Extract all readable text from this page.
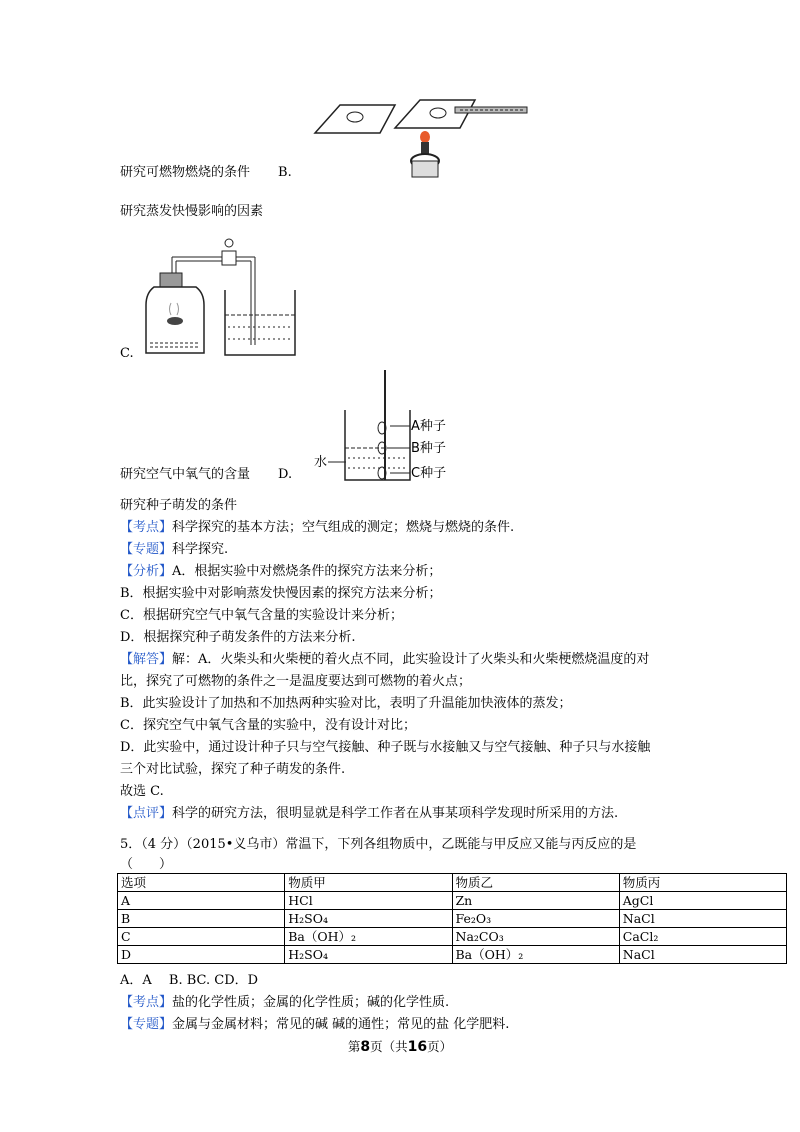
研究可燃物燃烧的条件 B.
研究蒸发快慢影响的因素
C.
水
A种子
B种子
C种子
研究空气中氧气的含量 D.
研究种子萌发的条件
【考点】科学探究的基本方法；空气组成的测定；燃烧与燃烧的条件.
【专题】科学探究.
【分析】A．根据实验中对燃烧条件的探究方法来分析；
B．根据实验中对影响蒸发快慢因素的探究方法来分析；
C．根据研究空气中氧气含量的实验设计来分析；
D．根据探究种子萌发条件的方法来分析.
【解答】解：A．火柴头和火柴梗的着火点不同，此实验设计了火柴头和火柴梗燃烧温度的对
比，探究了可燃物的条件之一是温度要达到可燃物的着火点；
B．此实验设计了加热和不加热两种实验对比，表明了升温能加快液体的蒸发；
C．探究空气中氧气含量的实验中，没有设计对比；
D．此实验中，通过设计种子只与空气接触、种子既与水接触又与空气接触、种子只与水接触
三个对比试验，探究了种子萌发的条件.
故选 C.
【点评】科学的研究方法，很明显就是科学工作者在从事某项科学发现时所采用的方法.
5．（4 分）（2015•义乌市）常温下，下列各组物质中，乙既能与甲反应又能与丙反应的是
（　　）
选项	物质甲	物质乙	物质丙
A	HCl	Zn	AgCl
B	H₂SO₄	Fe₂O₃	NaCl
C	Ba（OH）₂	Na₂CO₃	CaCl₂
D	H₂SO₄	Ba（OH）₂	NaCl
A．A　 B. BC. CD．D
【考点】盐的化学性质；金属的化学性质；碱的化学性质.
【专题】金属与金属材料；常见的碱 碱的通性；常见的盐 化学肥料.
第8页（共16页）
